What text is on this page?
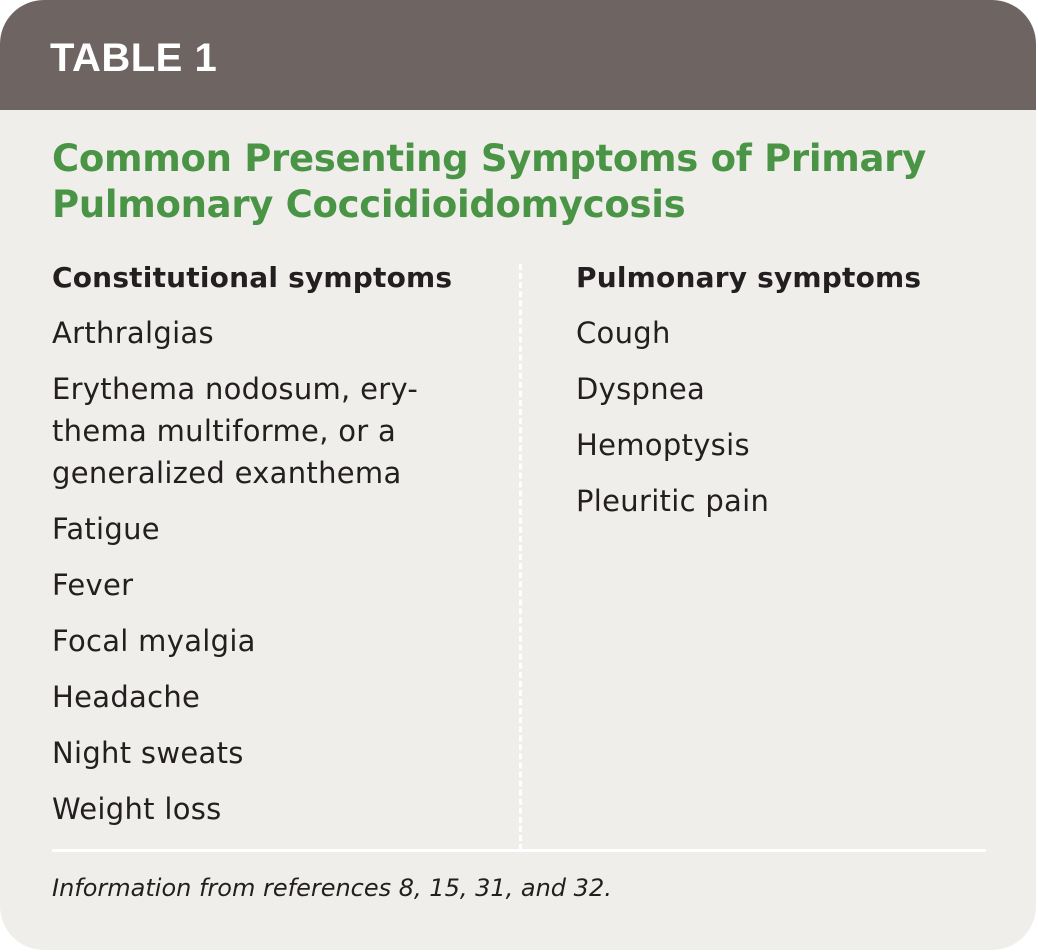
TABLE 1
Common Presenting Symptoms of Primary Pulmonary Coccidioidomycosis
Constitutional symptoms
Arthralgias
Erythema nodosum, ery-
thema multiforme, or a
generalized exanthema
Fatigue
Fever
Focal myalgia
Headache
Night sweats
Weight loss
Pulmonary symptoms
Cough
Dyspnea
Hemoptysis
Pleuritic pain
Information from references 8, 15, 31, and 32.
